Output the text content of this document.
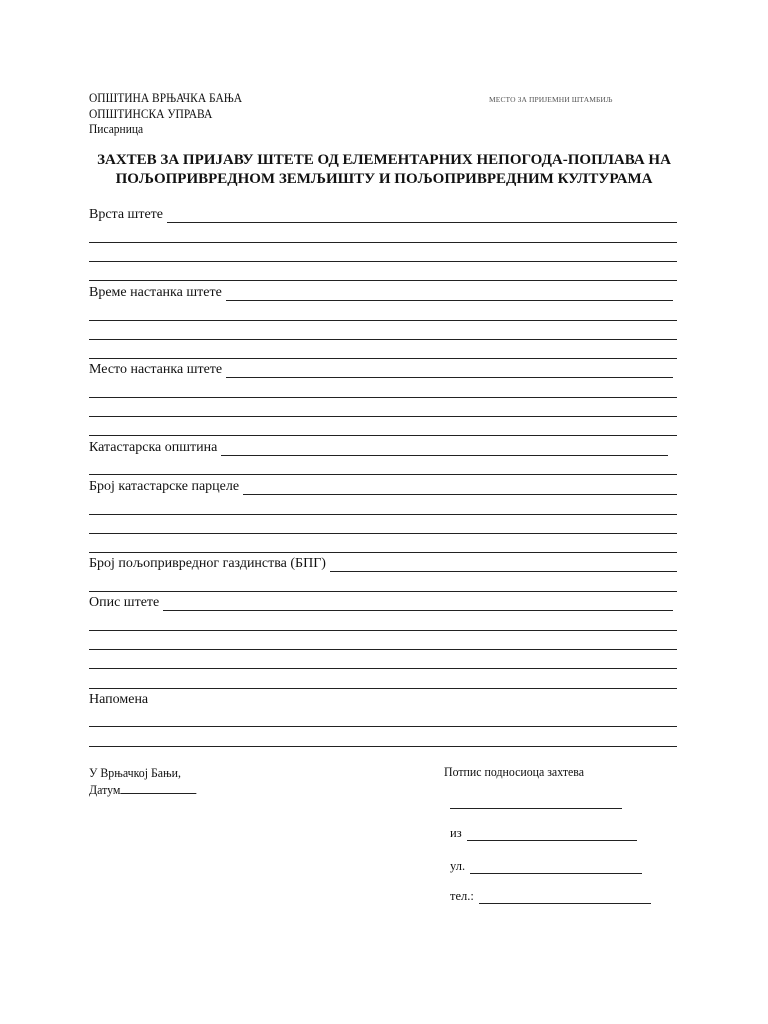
ОПШТИНА ВРЊАЧКА БАЊА
ОПШТИНСКА УПРАВА
Писарница
МЕСТО ЗА ПРИЈЕМНИ ШТАМБИЉ
ЗАХТЕВ ЗА ПРИЈАВУ ШТЕТЕ ОД ЕЛЕМЕНТАРНИХ НЕПОГОДА-ПОПЛАВА НА
ПОЉОПРИВРЕДНОМ ЗЕМЉИШТУ И ПОЉОПРИВРЕДНИМ КУЛТУРАМА
Врста штете
Време настанка штете
Место настанка штете
Катастарска општина
Број катастарске парцеле
Број пољопривредног газдинства (БПГ)
Опис штете
Напомена
У Врњачкој Бањи,
Датум
Потпис подносиоца захтева
из
ул.
тел.:
